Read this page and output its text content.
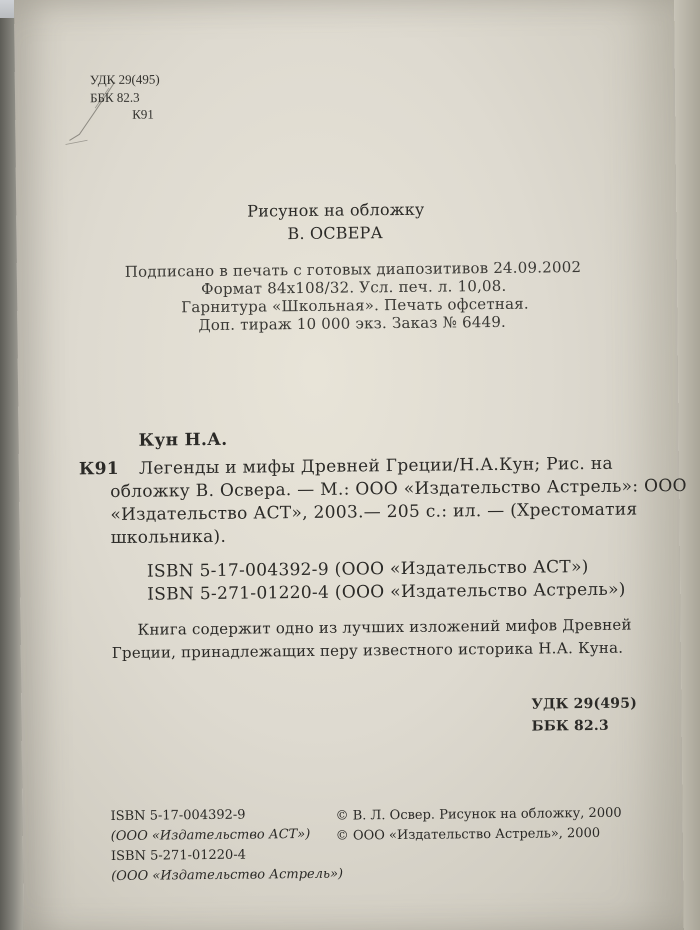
УДК 29(495)
ББК 82.3
К91
Рисунок на обложку
В. ОСВЕРА
Подписано в печать с готовых диапозитивов 24.09.2002
Формат 84x108/32. Усл. печ. л. 10,08.
Гарнитура «Школьная». Печать офсетная.
Доп. тираж 10 000 экз. Заказ № 6449.
Кун Н.А.
К91 Легенды и мифы Древней Греции/Н.А.Кун; Рис. на
обложку В. Освера. — М.: ООО «Издательство Астрель»: ООО
«Издательство АСТ», 2003.— 205 с.: ил. — (Хрестоматия
школьника).
ISBN 5-17-004392-9 (ООО «Издательство АСТ»)
ISBN 5-271-01220-4 (ООО «Издательство Астрель»)
Книга содержит одно из лучших изложений мифов Древней
Греции, принадлежащих перу известного историка Н.А. Куна.
УДК 29(495)
ББК 82.3
ISBN 5-17-004392-9
(ООО «Издательство АСТ»)
ISBN 5-271-01220-4
(ООО «Издательство Астрель»)
© В. Л. Освер. Рисунок на обложку, 2000
© ООО «Издательство Астрель», 2000
